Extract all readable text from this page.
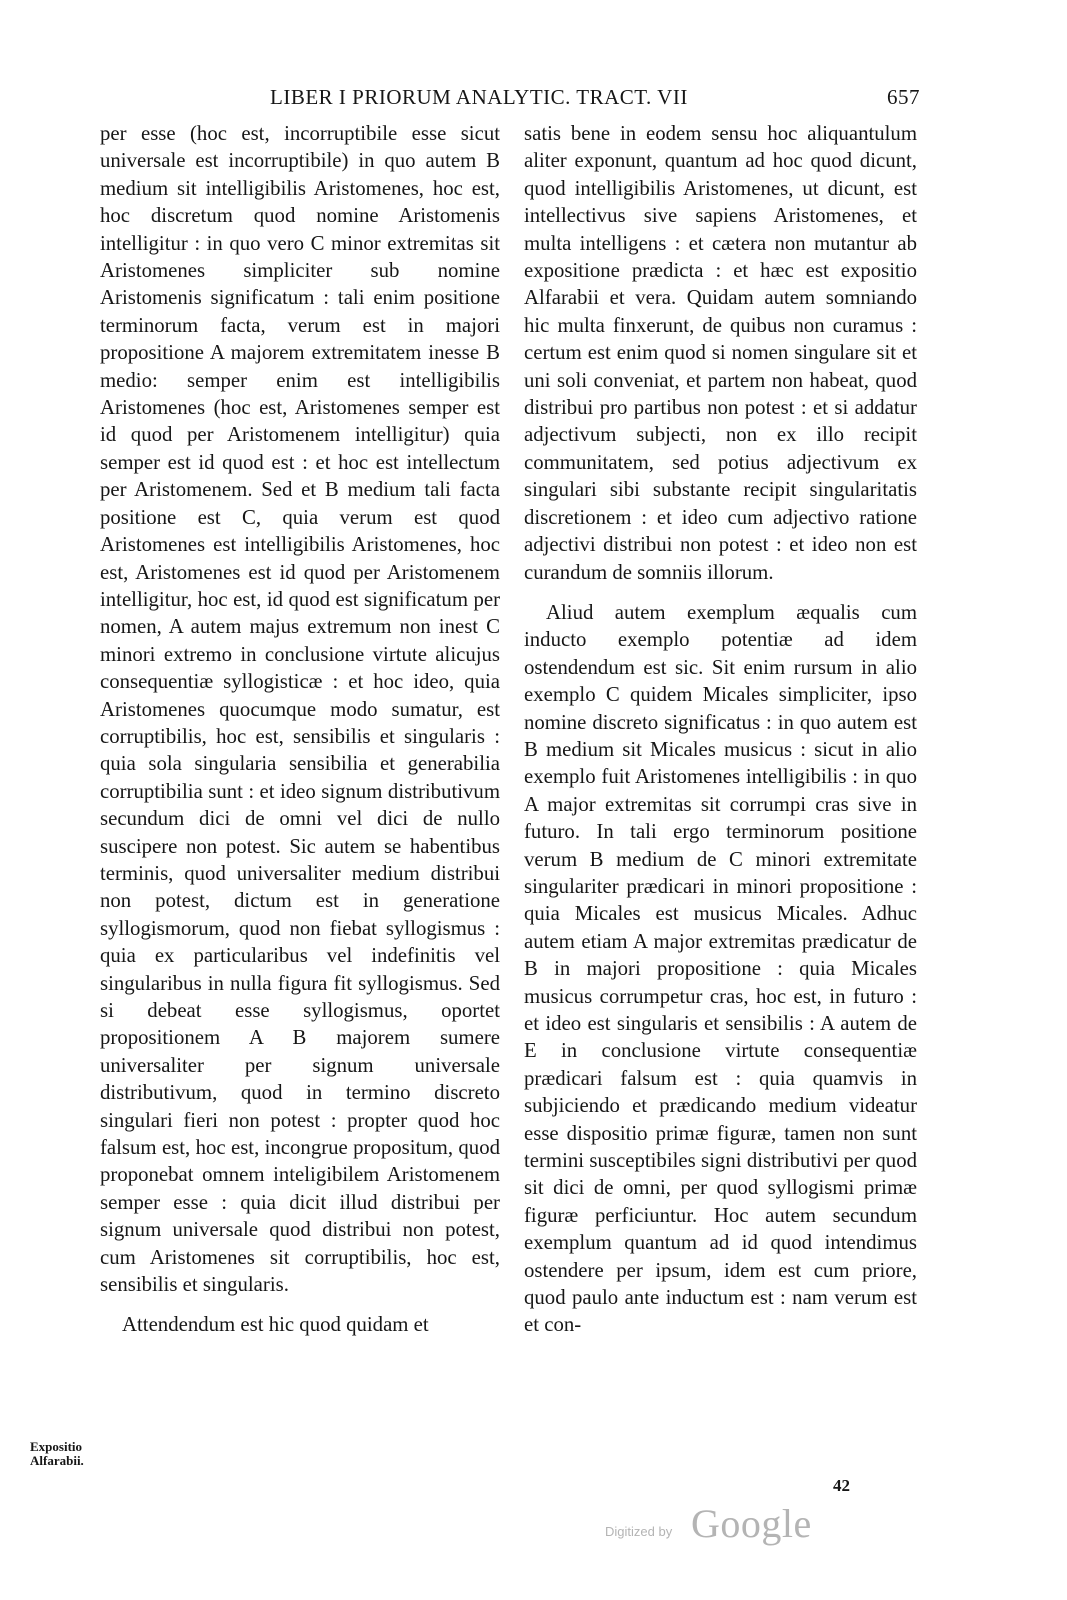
LIBER I PRIORUM ANALYTIC. TRACT. VII	657

per esse (hoc est, incorruptibile esse sicut universale est incorruptibile) in quo autem B medium sit intelligibilis Aristomenes, hoc est, hoc discretum quod nomine Aristomenis intelligitur : in quo vero C minor extremitas sit Aristomenes simpliciter sub nomine Aristomenis significatum : tali enim positione terminorum facta, verum est in majori propositione A majorem extremitatem inesse B medio: semper enim est intelligibilis Aristomenes (hoc est, Aristomenes semper est id quod per Aristomenem intelligitur) quia semper est id quod est : et hoc est intellectum per Aristomenem. Sed et B medium tali facta positione est C, quia verum est quod Aristomenes est intelligibilis Aristomenes, hoc est, Aristomenes est id quod per Aristomenem intelligitur, hoc est, id quod est significatum per nomen, A autem majus extremum non inest C minori extremo in conclusione virtute alicujus consequentiæ syllogisticæ : et hoc ideo, quia Aristomenes quocumque modo sumatur, est corruptibilis, hoc est, sensibilis et singularis : quia sola singularia sensibilia et generabilia corruptibilia sunt : et ideo signum distributivum secundum dici de omni vel dici de nullo suscipere non potest. Sic autem se habentibus terminis, quod universaliter medium distribui non potest, dictum est in generatione syllogismorum, quod non fiebat syllogismus : quia ex particularibus vel indefinitis vel singularibus in nulla figura fit syllogismus. Sed si debeat esse syllogismus, oportet propositionem A B majorem sumere universaliter per signum universale distributivum, quod in termino discreto singulari fieri non potest : propter quod hoc falsum est, hoc est, incongrue propositum, quod proponebat omnem inteligibilem Aristomenem semper esse : quia dicit illud distribui per signum universale quod distribui non potest, cum Aristomenes sit corruptibilis, hoc est, sensibilis et singularis.

Attendendum est hic quod quidam et

satis bene in eodem sensu hoc aliquantulum aliter exponunt, quantum ad hoc quod dicunt, quod intelligibilis Aristomenes, ut dicunt, est intellectivus sive sapiens Aristomenes, et multa intelligens : et cætera non mutantur ab expositione prædicta : et hæc est expositio Alfarabii et vera. Quidam autem somniando hic multa finxerunt, de quibus non curamus : certum est enim quod si nomen singulare sit et uni soli conveniat, et partem non habeat, quod distribui pro partibus non potest : et si addatur adjectivum subjecti, non ex illo recipit communitatem, sed potius adjectivum ex singulari sibi substante recipit singularitatis discretionem : et ideo cum adjectivo ratione adjectivi distribui non potest : et ideo non est curandum de somniis illorum.

Aliud autem exemplum æqualis cum inducto exemplo potentiæ ad idem ostendendum est sic. Sit enim rursum in alio exemplo C quidem Micales simpliciter, ipso nomine discreto significatus : in quo autem est B medium sit Micales musicus : sicut in alio exemplo fuit Aristomenes intelligibilis : in quo A major extremitas sit corrumpi cras sive in futuro. In tali ergo terminorum positione verum B medium de C minori extremitate singulariter prædicari in minori propositione : quia Micales est musicus Micales. Adhuc autem etiam A major extremitas prædicatur de B in majori propositione : quia Micales musicus corrumpetur cras, hoc est, in futuro : et ideo est singularis et sensibilis : A autem de E in conclusione virtute consequentiæ prædicari falsum est : quia quamvis in subjiciendo et prædicando medium videatur esse dispositio primæ figuræ, tamen non sunt termini susceptibiles signi distributivi per quod sit dici de omni, per quod syllogismi primæ figuræ perficiuntur. Hoc autem secundum exemplum quantum ad id quod intendimus ostendere per ipsum, idem est cum priore, quod paulo ante inductum est : nam verum est et con-

Expositio
Alfarabii.
42
Digitized by Google
